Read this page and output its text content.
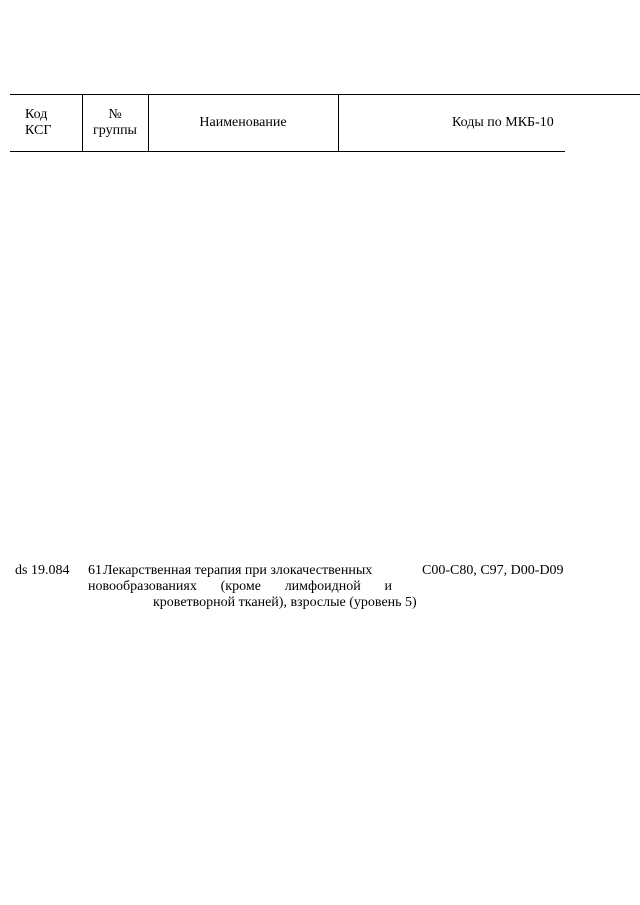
Код
КСГ
№
группы
Наименование	Коды по МКБ-10
ds 19.084 61 Лекарственная терапия при злокачественных
новообразованиях (кроме лимфоидной и
кроветворной тканей), взрослые (уровень 5)
C00-C80, C97, D00-D09
